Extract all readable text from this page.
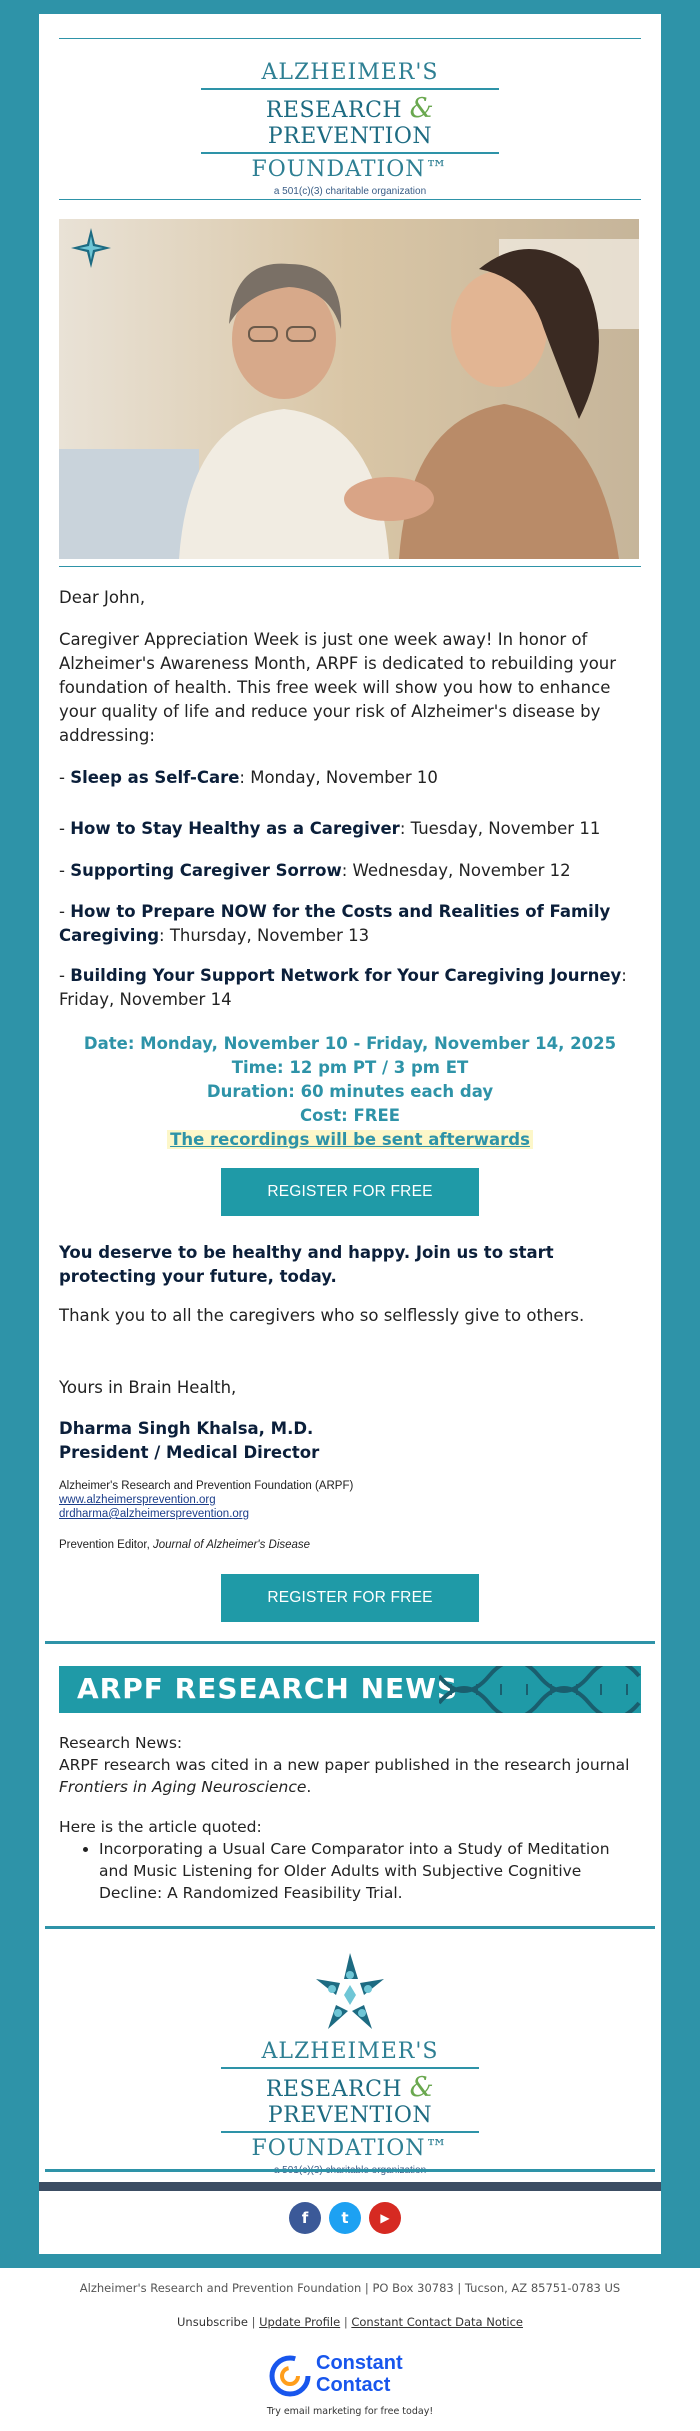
ALZHEIMER'S
RESEARCH & PREVENTION
FOUNDATION™
a 501(c)(3) charitable organization
Dear John,
Caregiver Appreciation Week is just one week away! In honor of Alzheimer's Awareness Month, ARPF is dedicated to rebuilding your foundation of health. This free week will show you how to enhance your quality of life and reduce your risk of Alzheimer's disease by addressing:
- Sleep as Self-Care: Monday, November 10
- How to Stay Healthy as a Caregiver: Tuesday, November 11
- Supporting Caregiver Sorrow: Wednesday, November 12
- How to Prepare NOW for the Costs and Realities of Family Caregiving: Thursday, November 13
- Building Your Support Network for Your Caregiving Journey: Friday, November 14
Date: Monday, November 10 - Friday, November 14, 2025
Time: 12 pm PT / 3 pm ET
Duration: 60 minutes each day
Cost: FREE
The recordings will be sent afterwards
REGISTER FOR FREE
You deserve to be healthy and happy. Join us to start protecting your future, today.
Thank you to all the caregivers who so selflessly give to others.
Yours in Brain Health,
Dharma Singh Khalsa, M.D.
President / Medical Director
Alzheimer's Research and Prevention Foundation (ARPF)
www.alzheimersprevention.org
drdharma@alzheimersprevention.org
Prevention Editor, Journal of Alzheimer's Disease
REGISTER FOR FREE
ARPF RESEARCH NEWS
Research News:
ARPF research was cited in a new paper published in the research journal Frontiers in Aging Neuroscience.
Here is the article quoted:
• Incorporating a Usual Care Comparator into a Study of Meditation and Music Listening for Older Adults with Subjective Cognitive Decline: A Randomized Feasibility Trial.
ALZHEIMER'S
RESEARCH & PREVENTION
FOUNDATION™
f	t	▶
Alzheimer's Research and Prevention Foundation | PO Box 30783 | Tucson, AZ 85751-0783 US
Unsubscribe | Update Profile | Constant Contact Data Notice
Constant
Contact
Try email marketing for free today!
